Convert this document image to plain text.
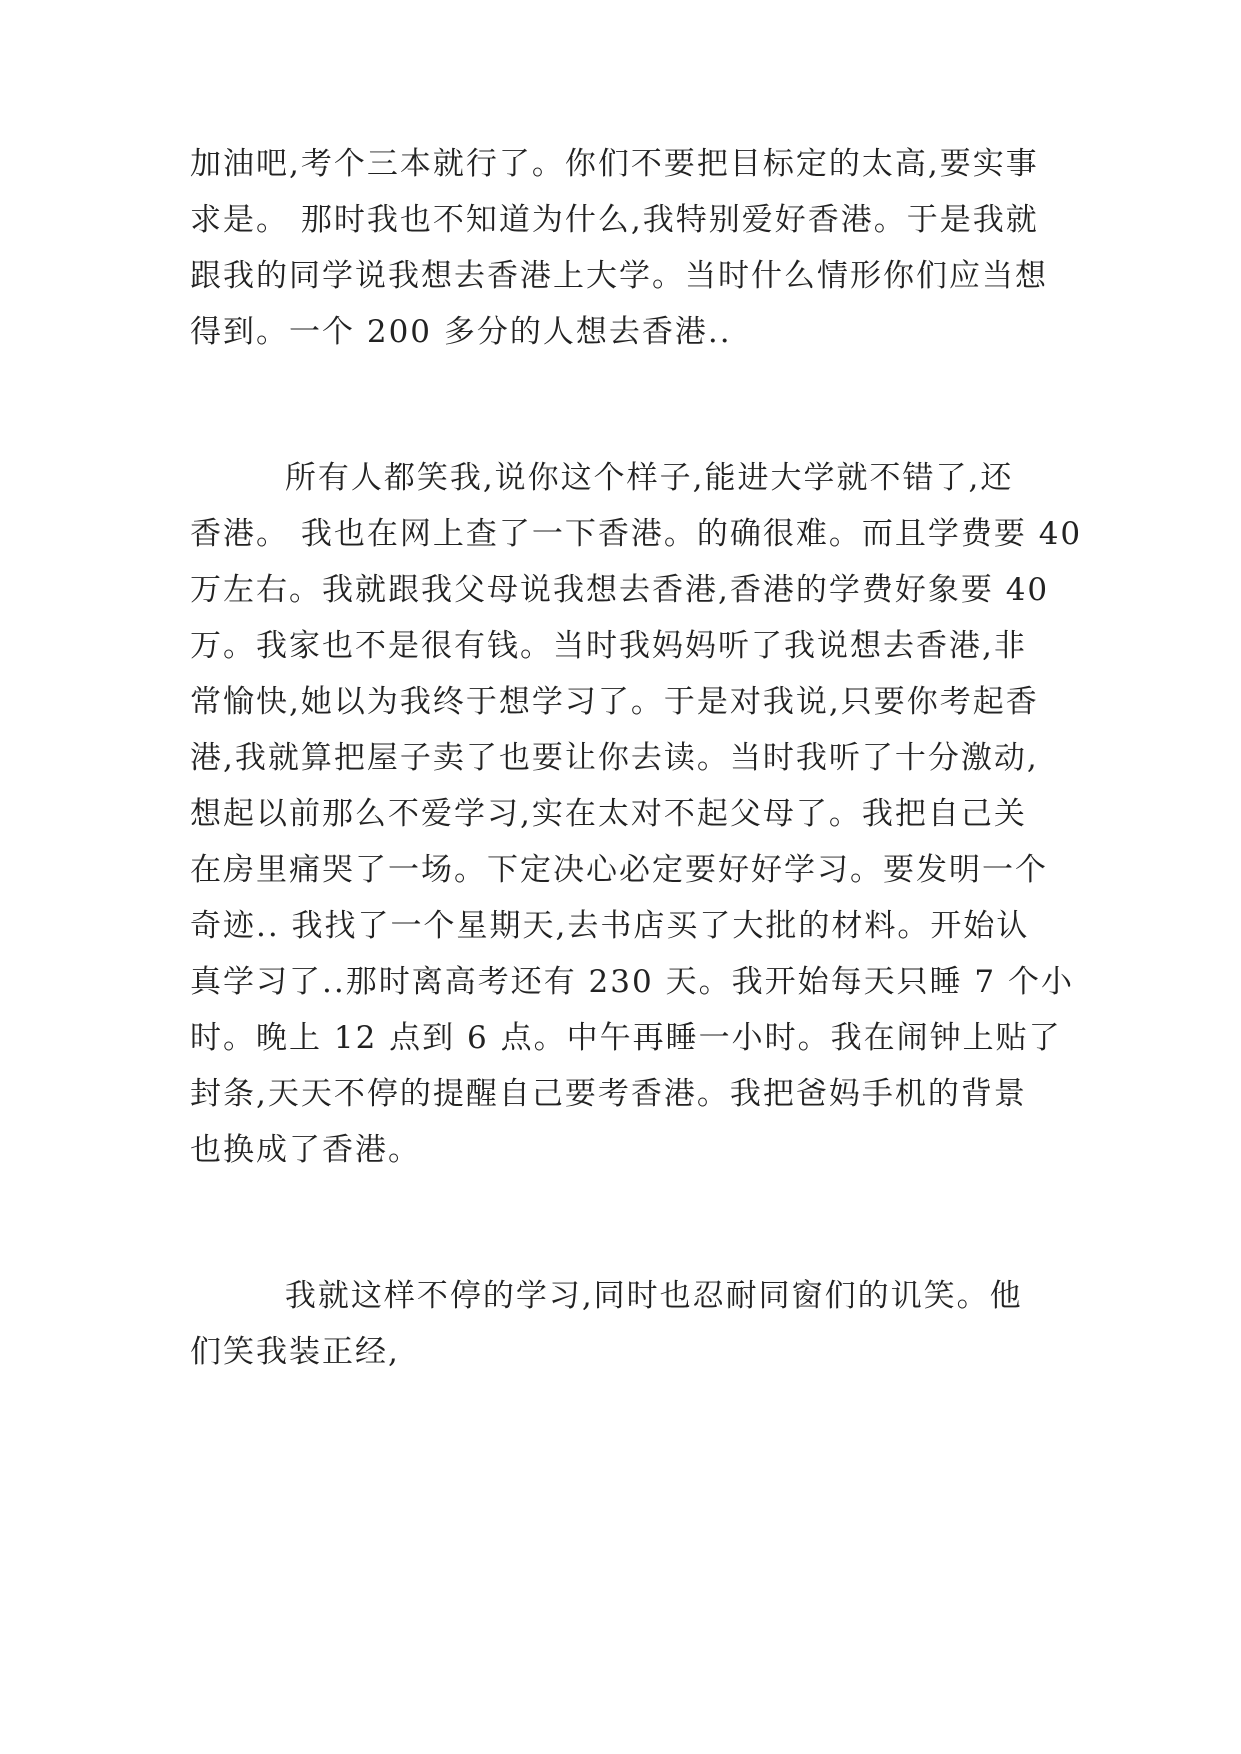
加油吧,考个三本就行了。你们不要把目标定的太高,要实事
求是。 那时我也不知道为什么,我特别爱好香港。于是我就
跟我的同学说我想去香港上大学。当时什么情形你们应当想
得到。一个 200 多分的人想去香港..
所有人都笑我,说你这个样子,能进大学就不错了,还
香港。 我也在网上查了一下香港。的确很难。而且学费要 40
万左右。我就跟我父母说我想去香港,香港的学费好象要 40
万。我家也不是很有钱。当时我妈妈听了我说想去香港,非
常愉快,她以为我终于想学习了。于是对我说,只要你考起香
港,我就算把屋子卖了也要让你去读。当时我听了十分激动,
想起以前那么不爱学习,实在太对不起父母了。我把自己关
在房里痛哭了一场。下定决心必定要好好学习。要发明一个
奇迹.. 我找了一个星期天,去书店买了大批的材料。开始认
真学习了..那时离高考还有 230 天。我开始每天只睡 7 个小
时。晚上 12 点到 6 点。中午再睡一小时。我在闹钟上贴了
封条,天天不停的提醒自己要考香港。我把爸妈手机的背景
也换成了香港。
我就这样不停的学习,同时也忍耐同窗们的讥笑。他
们笑我装正经,
